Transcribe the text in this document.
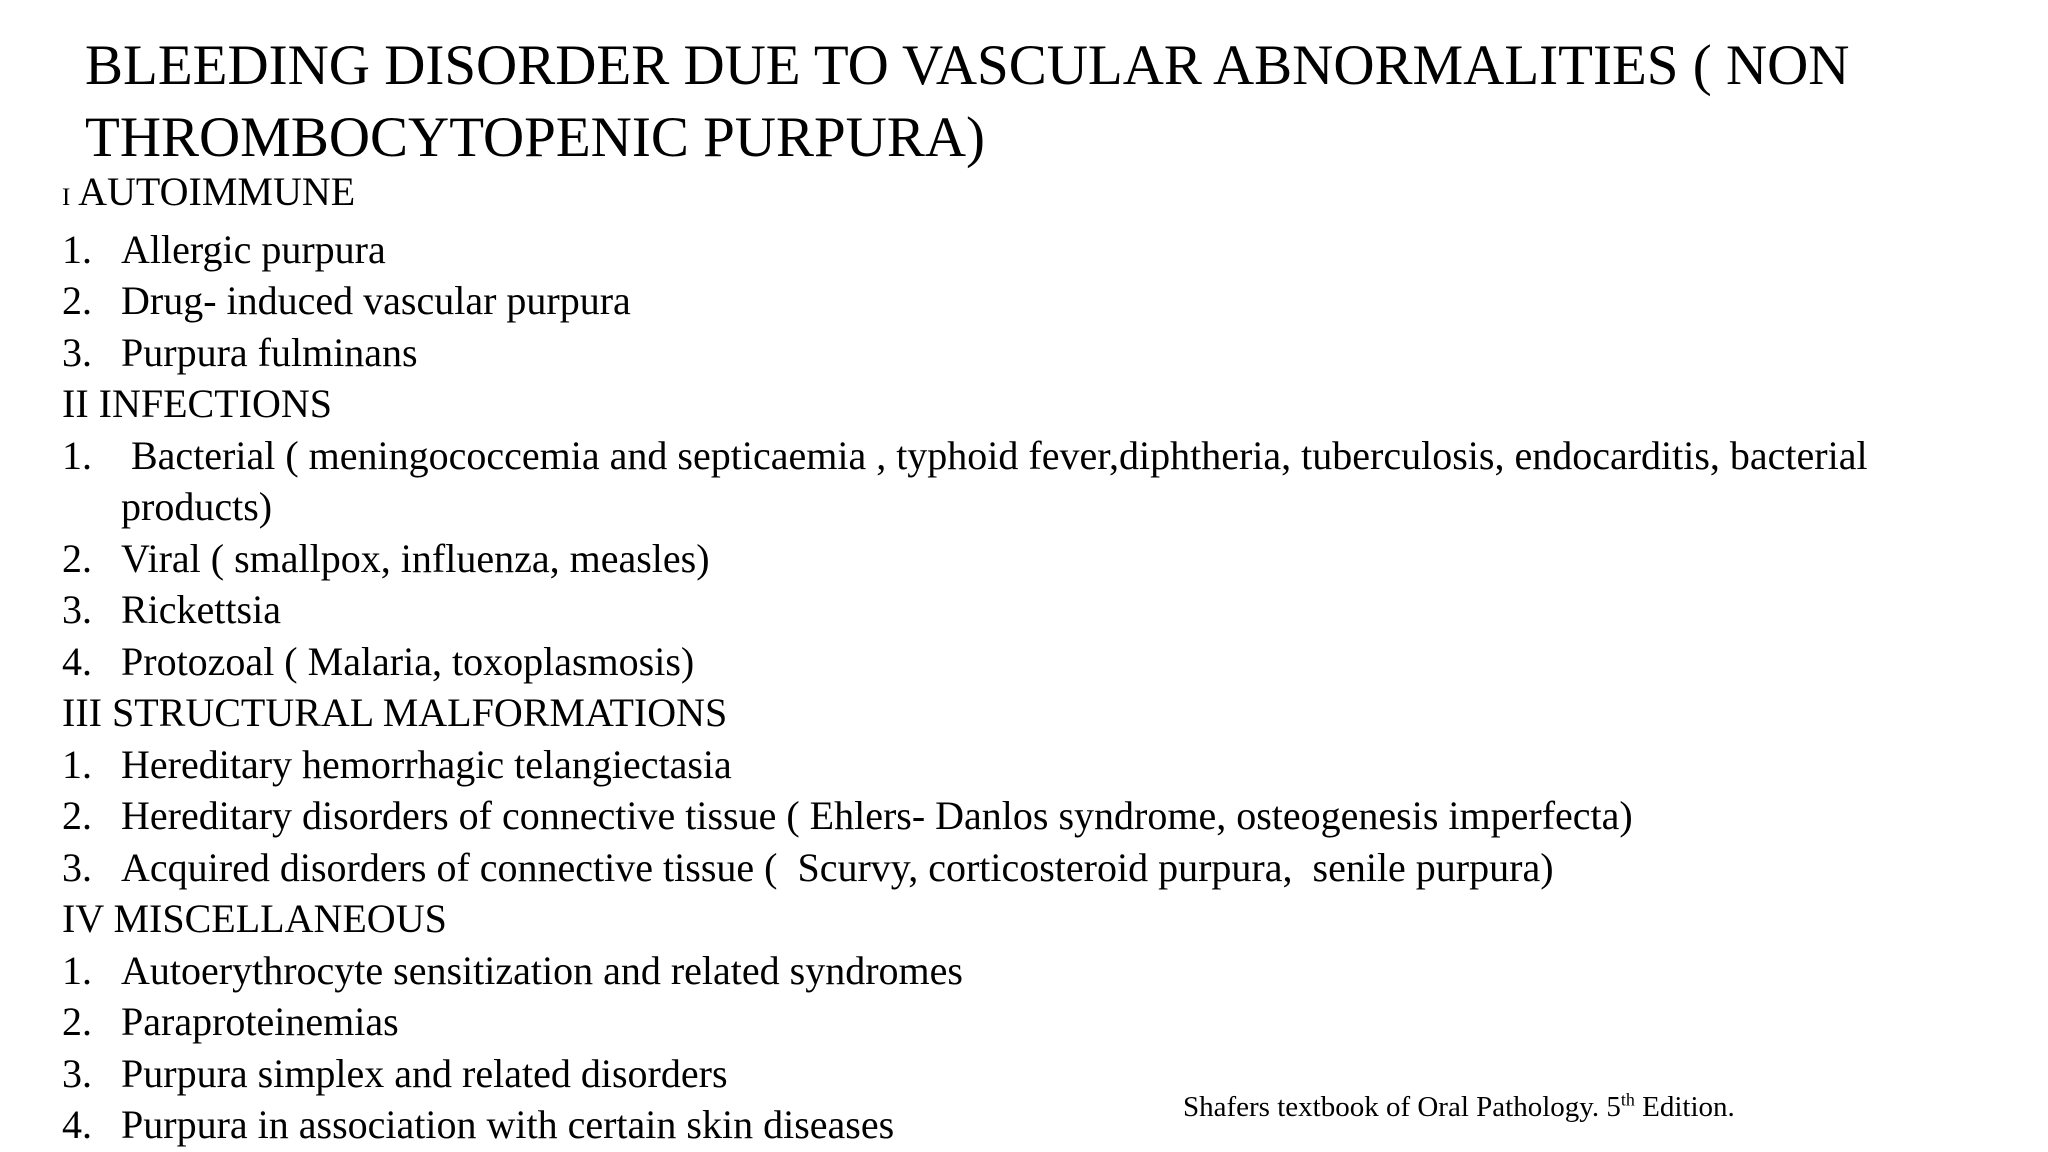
BLEEDING DISORDER DUE TO VASCULAR ABNORMALITIES ( NON THROMBOCYTOPENIC PURPURA)
I AUTOIMMUNE
1. Allergic purpura
2. Drug- induced vascular purpura
3. Purpura fulminans
II INFECTIONS
1. Bacterial ( meningococcemia and septicaemia , typhoid fever,diphtheria, tuberculosis, endocarditis, bacterial products)
2. Viral ( smallpox, influenza, measles)
3. Rickettsia
4. Protozoal ( Malaria, toxoplasmosis)
III STRUCTURAL MALFORMATIONS
1. Hereditary hemorrhagic telangiectasia
2. Hereditary disorders of connective tissue ( Ehlers- Danlos syndrome, osteogenesis imperfecta)
3. Acquired disorders of connective tissue (  Scurvy, corticosteroid purpura,  senile purpura)
IV MISCELLANEOUS
1. Autoerythrocyte sensitization and related syndromes
2. Paraproteinemias
3. Purpura simplex and related disorders
4. Purpura in association with certain skin diseases	Shafers textbook of Oral Pathology. 5th Edition.
